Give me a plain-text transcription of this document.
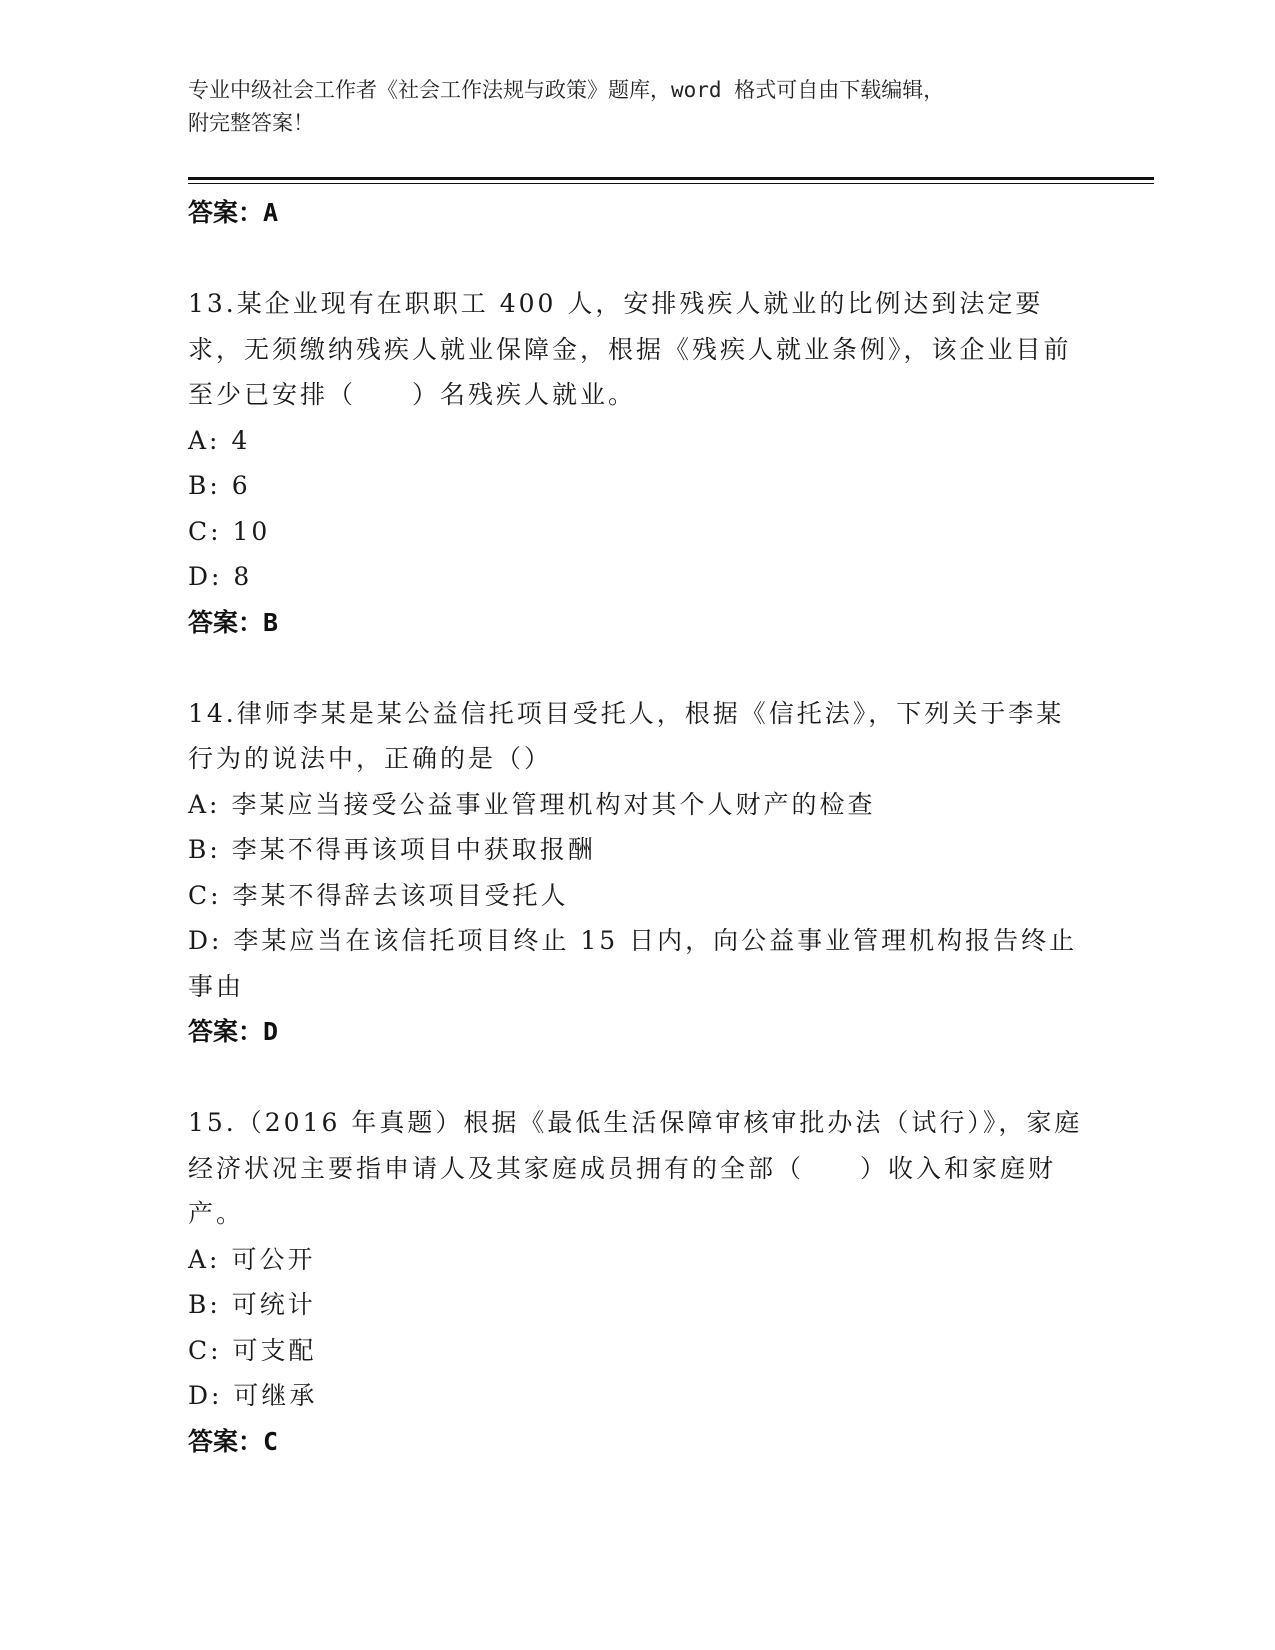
专业中级社会工作者《社会工作法规与政策》题库，word 格式可自由下载编辑，
附完整答案！
答案：A
13.某企业现有在职职工 400 人，安排残疾人就业的比例达到法定要求，无须缴纳残疾人就业保障金，根据《残疾人就业条例》，该企业目前至少已安排（　　）名残疾人就业。
A: 4
B: 6
C: 10
D: 8
答案：B
14.律师李某是某公益信托项目受托人，根据《信托法》，下列关于李某行为的说法中，正确的是（）
A: 李某应当接受公益事业管理机构对其个人财产的检查
B: 李某不得再该项目中获取报酬
C: 李某不得辞去该项目受托人
D: 李某应当在该信托项目终止 15 日内，向公益事业管理机构报告终止事由
答案：D
15.（2016 年真题）根据《最低生活保障审核审批办法（试行）》，家庭经济状况主要指申请人及其家庭成员拥有的全部（　　）收入和家庭财产。
A: 可公开
B: 可统计
C: 可支配
D: 可继承
答案：C
